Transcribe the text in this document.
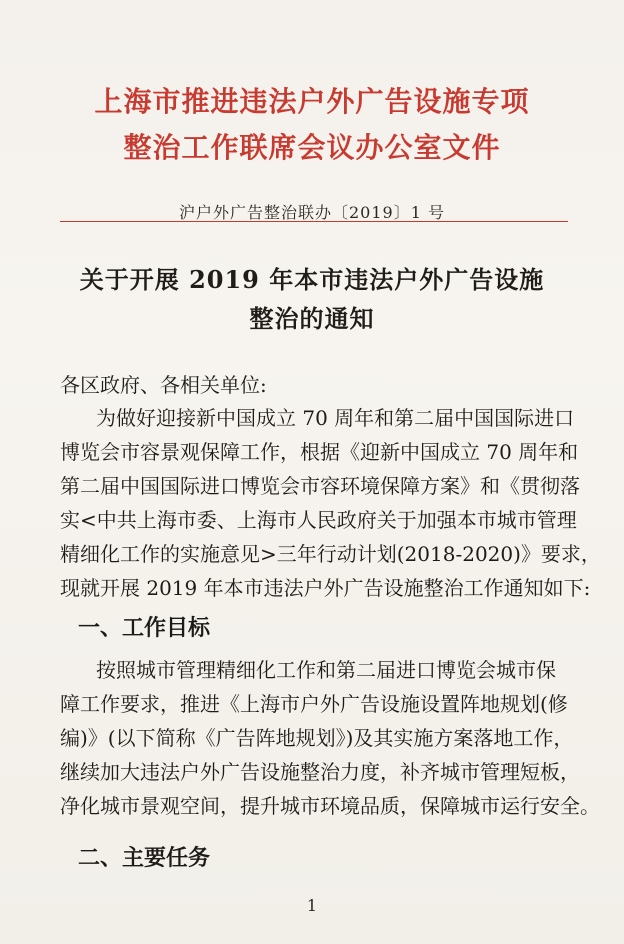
上海市推进违法户外广告设施专项
整治工作联席会议办公室文件
沪户外广告整治联办〔2019〕1 号
关于开展 2019 年本市违法户外广告设施
整治的通知
各区政府、各相关单位:
为做好迎接新中国成立 70 周年和第二届中国国际进口
博览会市容景观保障工作，根据《迎新中国成立 70 周年和
第二届中国国际进口博览会市容环境保障方案》和《贯彻落
实<中共上海市委、上海市人民政府关于加强本市城市管理
精细化工作的实施意见>三年行动计划(2018-2020)》要求，
现就开展 2019 年本市违法户外广告设施整治工作通知如下:
一、工作目标
按照城市管理精细化工作和第二届进口博览会城市保
障工作要求，推进《上海市户外广告设施设置阵地规划(修
编)》(以下简称《广告阵地规划》)及其实施方案落地工作，
继续加大违法户外广告设施整治力度，补齐城市管理短板，
净化城市景观空间，提升城市环境品质，保障城市运行安全。
二、主要任务
1
